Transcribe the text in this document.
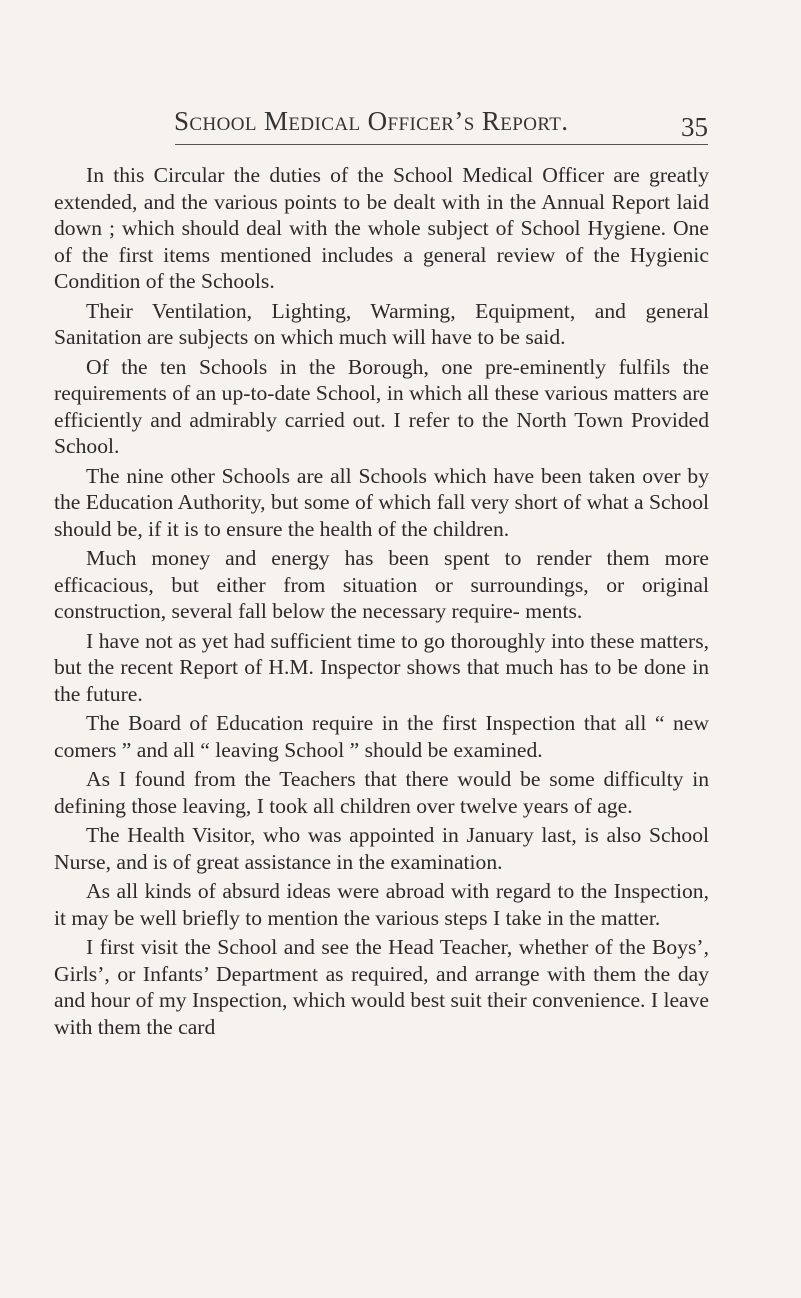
School Medical Officer’s Report.	35

In this Circular the duties of the School Medical Officer are greatly extended, and the various points to be dealt with in the Annual Report laid down ; which should deal with the whole subject of School Hygiene. One of the first items mentioned includes a general review of the Hygienic Condition of the Schools.

Their Ventilation, Lighting, Warming, Equipment, and general Sanitation are subjects on which much will have to be said.

Of the ten Schools in the Borough, one pre-eminently fulfils the requirements of an up-to-date School, in which all these various matters are efficiently and admirably carried out. I refer to the North Town Provided School.

The nine other Schools are all Schools which have been taken over by the Education Authority, but some of which fall very short of what a School should be, if it is to ensure the health of the children.

Much money and energy has been spent to render them more efficacious, but either from situation or surroundings, or original construction, several fall below the necessary require- ments.

I have not as yet had sufficient time to go thoroughly into these matters, but the recent Report of H.M. Inspector shows that much has to be done in the future.

The Board of Education require in the first Inspection that all “ new comers ” and all “ leaving School ” should be examined.

As I found from the Teachers that there would be some difficulty in defining those leaving, I took all children over twelve years of age.

The Health Visitor, who was appointed in January last, is also School Nurse, and is of great assistance in the examination.

As all kinds of absurd ideas were abroad with regard to the Inspection, it may be well briefly to mention the various steps I take in the matter.

I first visit the School and see the Head Teacher, whether of the Boys’, Girls’, or Infants’ Department as required, and arrange with them the day and hour of my Inspection, which would best suit their convenience. I leave with them the card
